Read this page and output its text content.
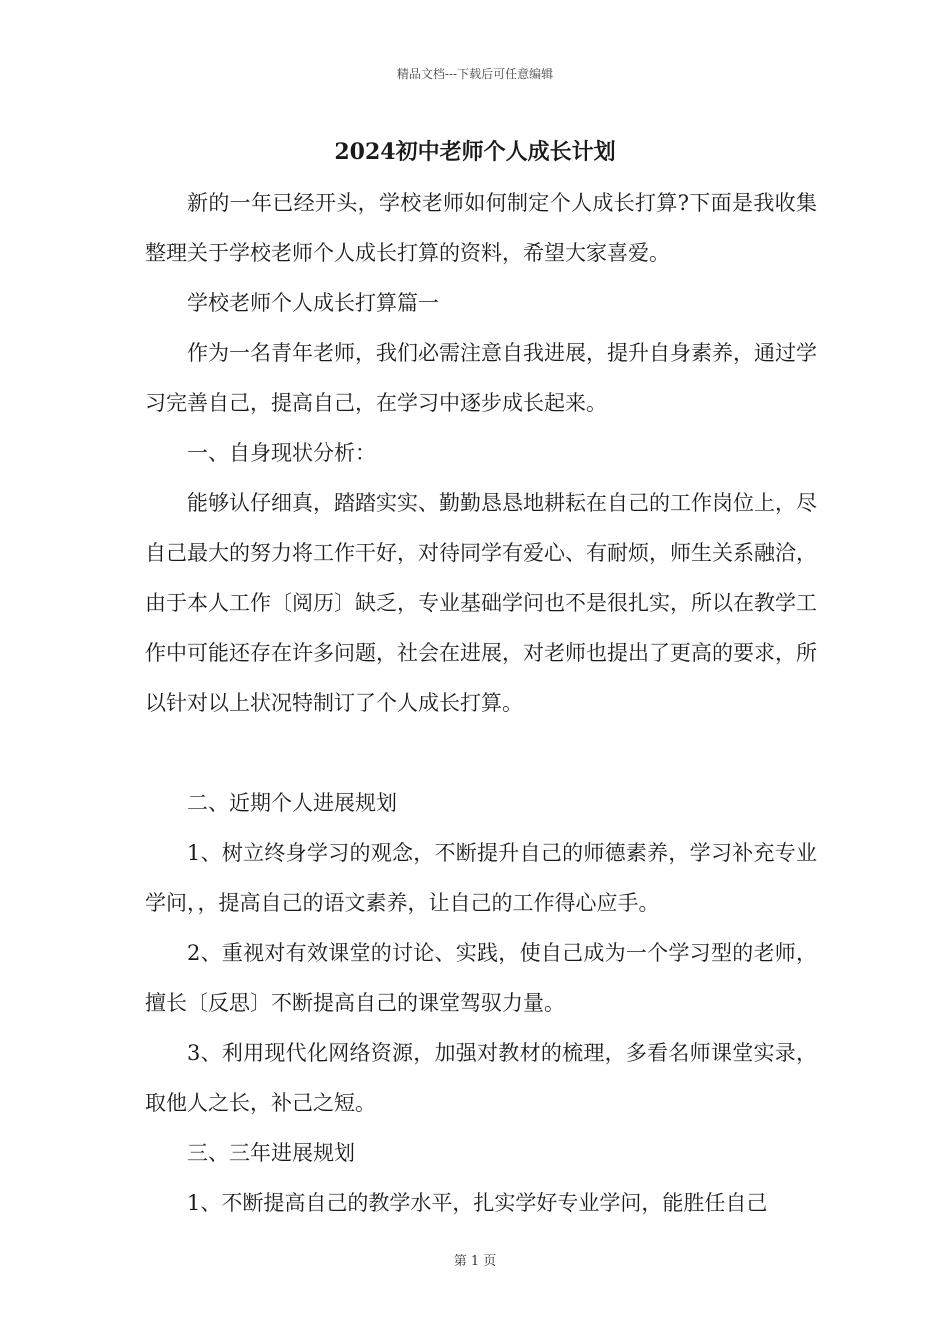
精品文档---下载后可任意编辑
2024初中老师个人成长计划

新的一年已经开头，学校老师如何制定个人成长打算?下面是我收集整理关于学校老师个人成长打算的资料，希望大家喜爱。

学校老师个人成长打算篇一

作为一名青年老师，我们必需注意自我进展，提升自身素养，通过学习完善自己，提高自己，在学习中逐步成长起来。

一、自身现状分析：

能够认仔细真，踏踏实实、勤勤恳恳地耕耘在自己的工作岗位上，尽自己最大的努力将工作干好，对待同学有爱心、有耐烦，师生关系融洽，由于本人工作〔阅历〕缺乏，专业基础学问也不是很扎实，所以在教学工作中可能还存在许多问题，社会在进展，对老师也提出了更高的要求，所以针对以上状况特制订了个人成长打算。

二、近期个人进展规划

1、树立终身学习的观念，不断提升自己的师德素养，学习补充专业学问，，提高自己的语文素养，让自己的工作得心应手。

2、重视对有效课堂的讨论、实践，使自己成为一个学习型的老师，擅长〔反思〕不断提高自己的课堂驾驭力量。

3、利用现代化网络资源，加强对教材的梳理，多看名师课堂实录，取他人之长，补己之短。

三、三年进展规划

1、不断提高自己的教学水平，扎实学好专业学问，能胜任自己

第 1 页
